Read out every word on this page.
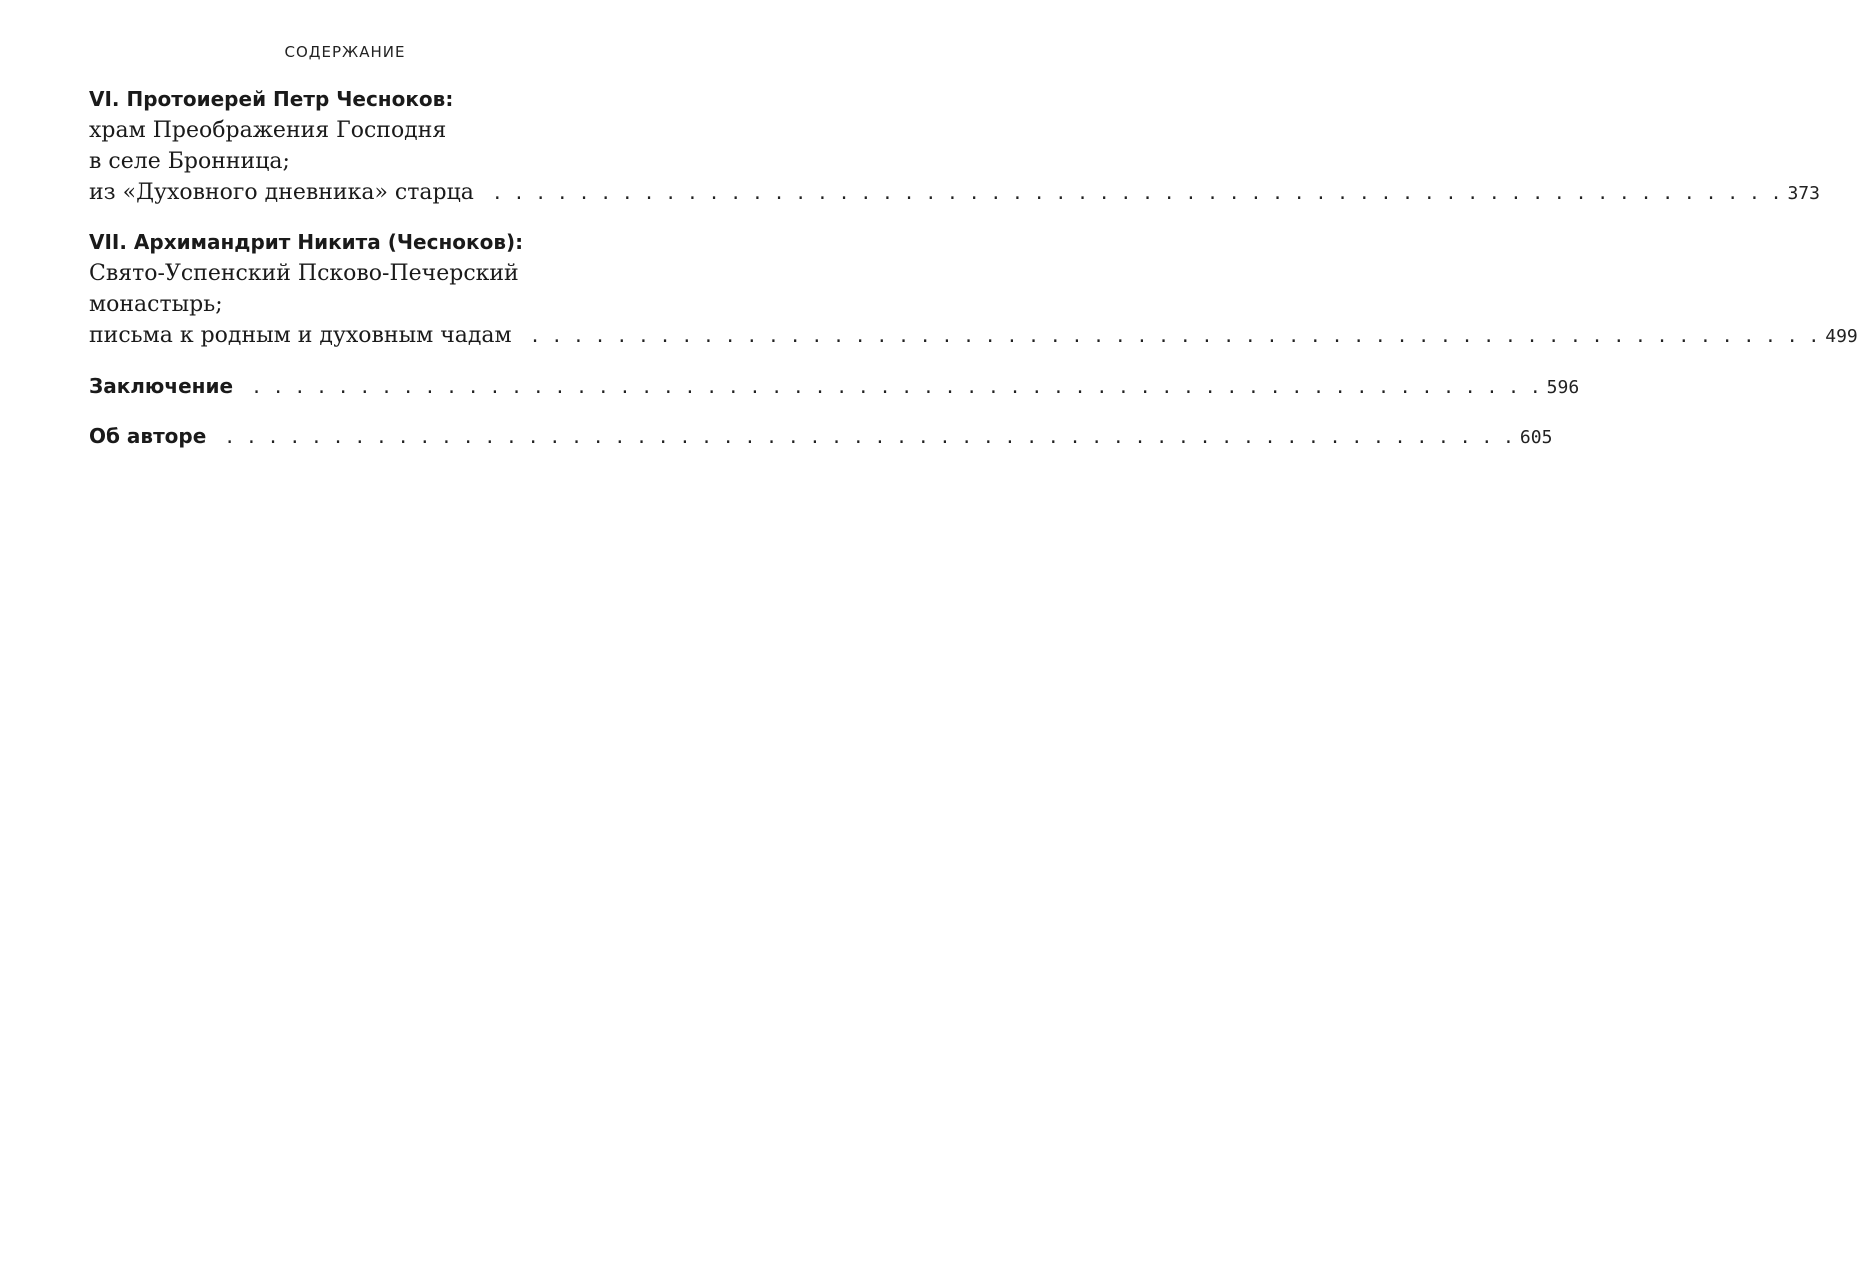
СОДЕРЖАНИЕ
VI. Протоиерей Петр Чесноков:
храм Преображения Господня
в селе Бронница;
из «Духовного дневника» старца . . . . . . . . . . . . . . . . . . . . . . . . . . . . . . . . . . . . . . . . . . . . . . . . . . . . . . . . . . . . 373
VII. Архимандрит Никита (Чесноков):
Свято-Успенский Псково-Печерский
монастырь;
письма к родным и духовным чадам . . . . . . . . . . . . . . . . . . . . . . . . . . . . . . . . . . . . . . . . . . . . . . . . . . . . . . . . . . . . 499
Заключение . . . . . . . . . . . . . . . . . . . . . . . . . . . . . . . . . . . . . . . . . . . . . . . . . . . . . . . . . . . . 596
Об авторе . . . . . . . . . . . . . . . . . . . . . . . . . . . . . . . . . . . . . . . . . . . . . . . . . . . . . . . . . . . . 605
